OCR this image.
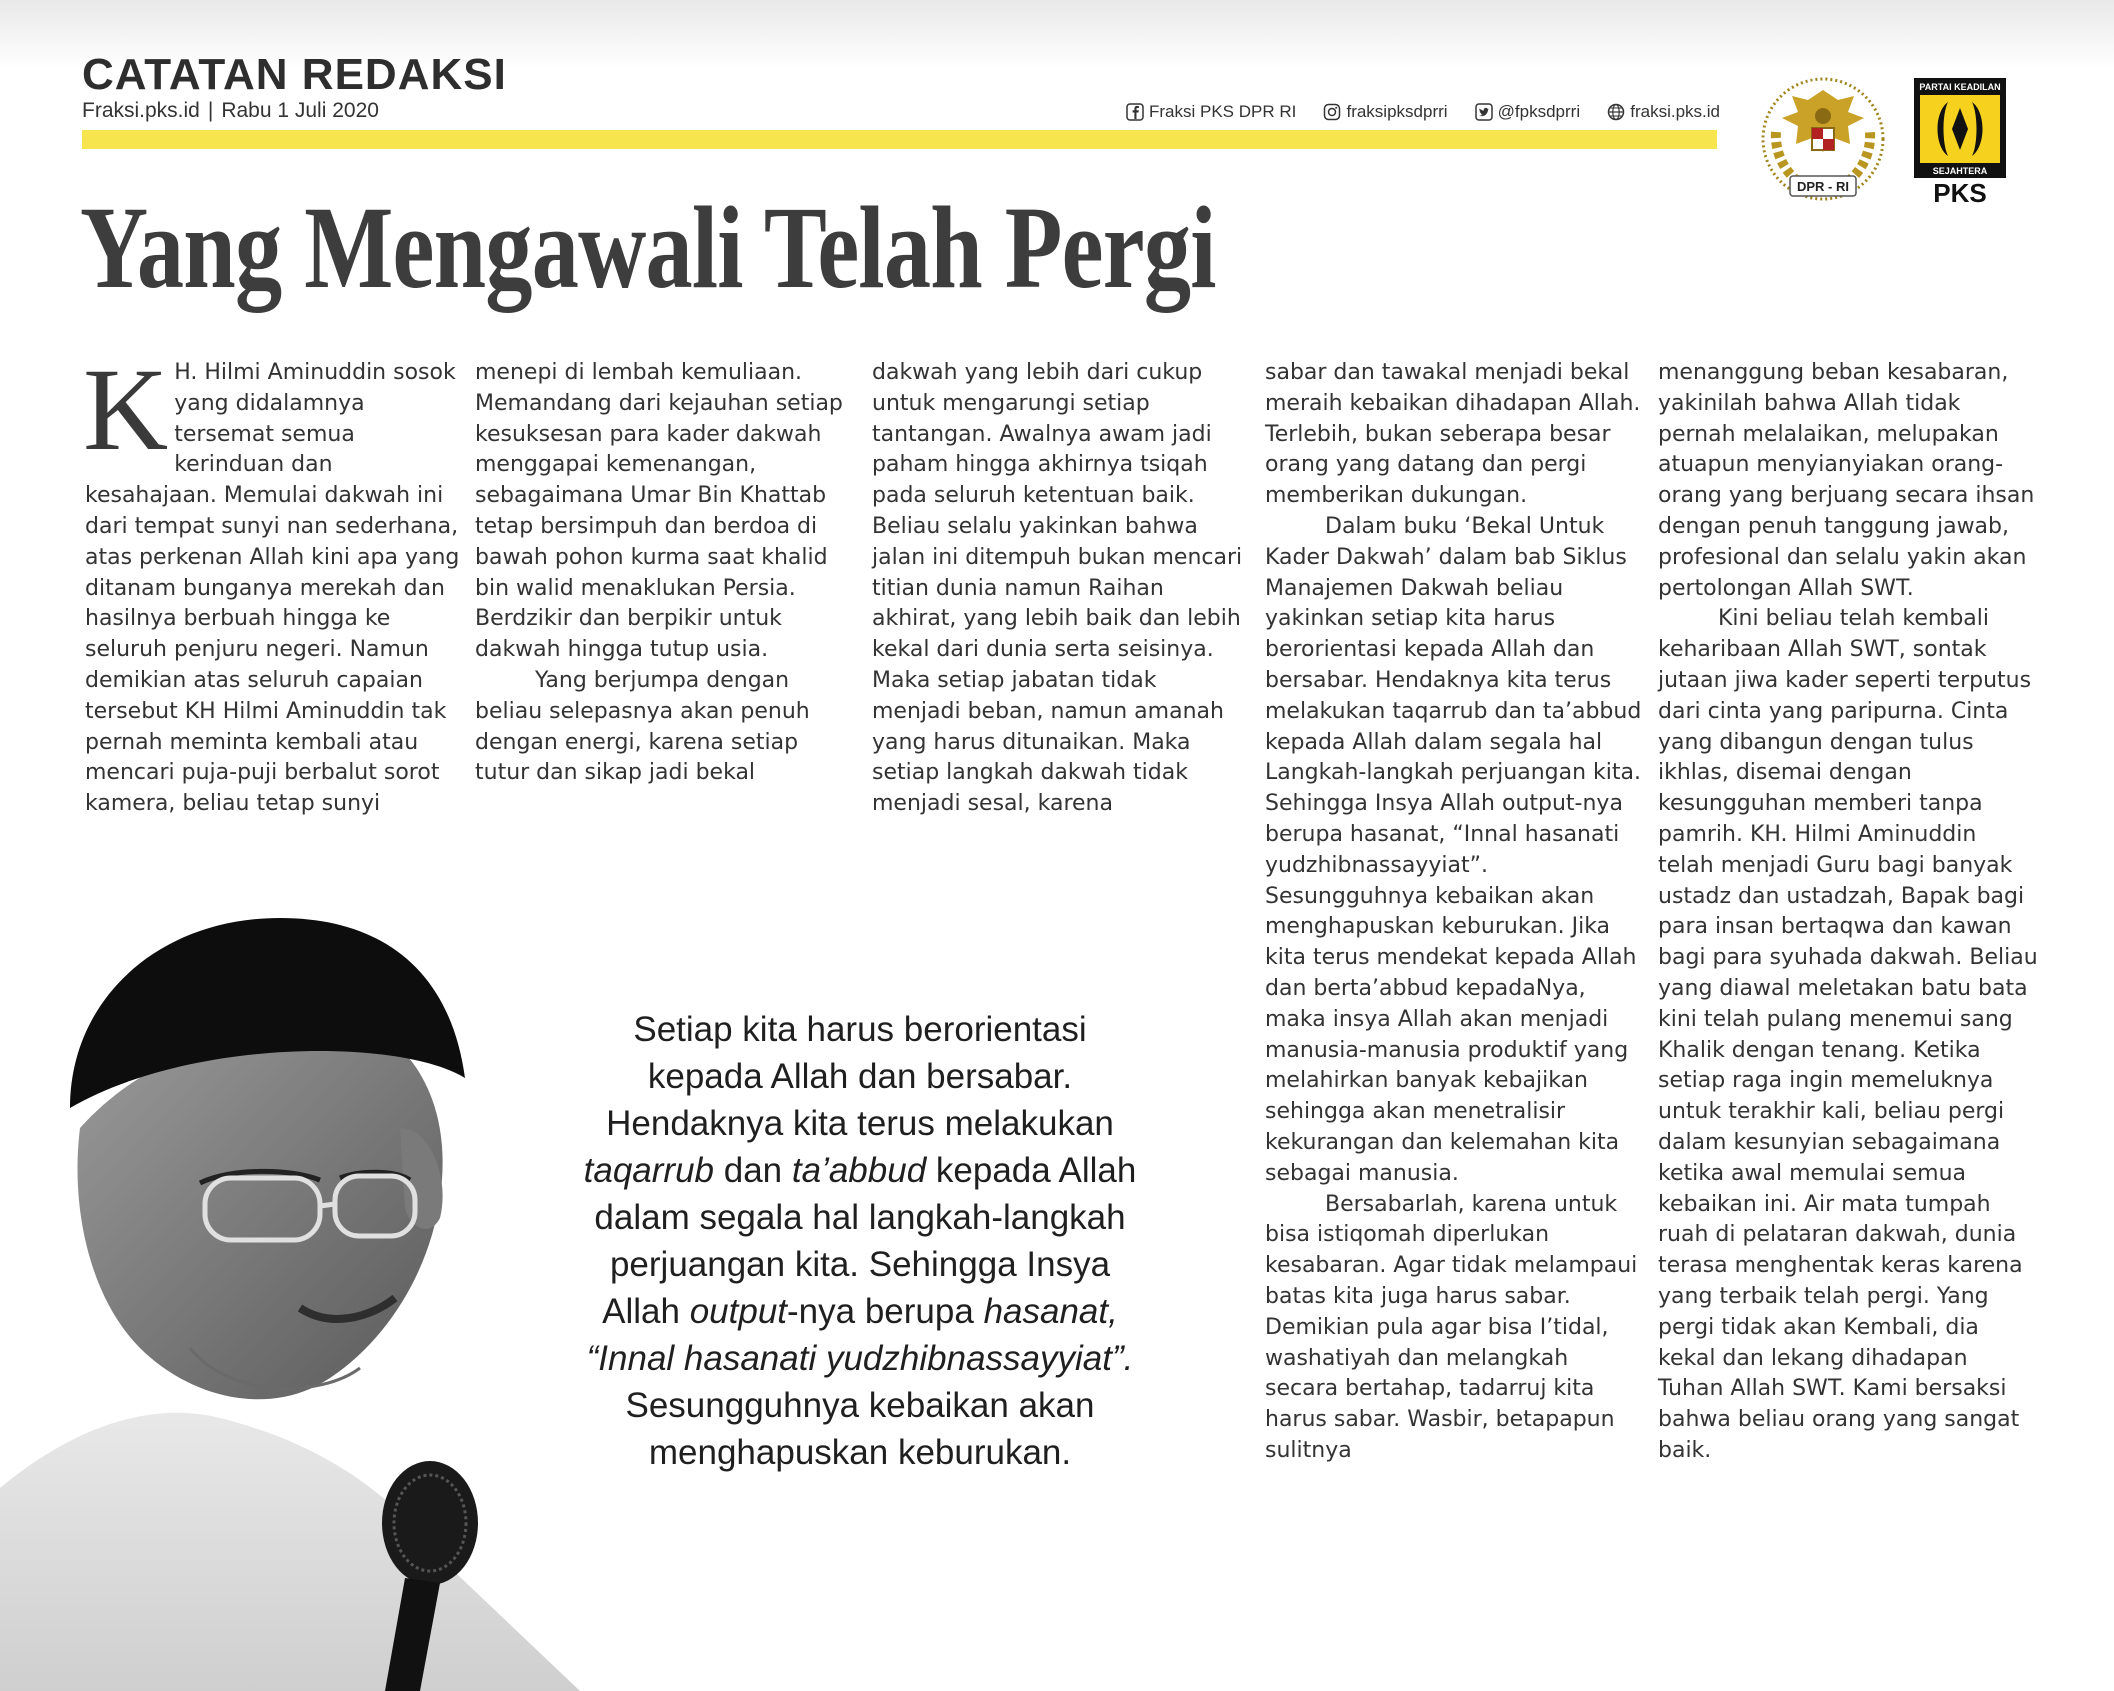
CATATAN REDAKSI
Fraksi.pks.id | Rabu 1 Juli 2020	Fraksi PKS DPR RI	fraksipksdprri	@fpksdprri	fraksi.pks.id
DPR - RI
PARTAI KEADILAN
SEJAHTERA
PKS
Yang Mengawali Telah Pergi
K H. Hilmi Aminuddin sosok yang didalamnya tersemat semua kerinduan dan kesahajaan. Memulai dakwah ini dari tempat sunyi nan sederhana, atas perkenan Allah kini apa yang ditanam bunganya merekah dan hasilnya berbuah hingga ke seluruh penjuru negeri. Namun demikian atas seluruh capaian tersebut KH Hilmi Aminuddin tak pernah meminta kembali atau mencari puja-puji berbalut sorot kamera, beliau tetap sunyi

menepi di lembah kemuliaan. Memandang dari kejauhan setiap kesuksesan para kader dakwah menggapai kemenangan, sebagaimana Umar Bin Khattab tetap bersimpuh dan berdoa di bawah pohon kurma saat khalid bin walid menaklukan Persia. Berdzikir dan berpikir untuk dakwah hingga tutup usia.

Yang berjumpa dengan beliau selepasnya akan penuh dengan energi, karena setiap tutur dan sikap jadi bekal

dakwah yang lebih dari cukup untuk mengarungi setiap tantangan. Awalnya awam jadi paham hingga akhirnya tsiqah pada seluruh ketentuan baik. Beliau selalu yakinkan bahwa jalan ini ditempuh bukan mencari titian dunia namun Raihan akhirat, yang lebih baik dan lebih kekal dari dunia serta seisinya. Maka setiap jabatan tidak menjadi beban, namun amanah yang harus ditunaikan. Maka setiap langkah dakwah tidak menjadi sesal, karena

sabar dan tawakal menjadi bekal meraih kebaikan dihadapan Allah. Terlebih, bukan seberapa besar orang yang datang dan pergi memberikan dukungan.

Dalam buku ‘Bekal Untuk Kader Dakwah’ dalam bab Siklus Manajemen Dakwah beliau yakinkan setiap kita harus berorientasi kepada Allah dan bersabar. Hendaknya kita terus melakukan taqarrub dan ta’abbud kepada Allah dalam segala hal Langkah-langkah perjuangan kita. Sehingga Insya Allah output-nya berupa hasanat, “Innal hasanati yudzhibnassayyiat”. Sesungguhnya kebaikan akan menghapuskan keburukan. Jika kita terus mendekat kepada Allah dan berta’abbud kepadaNya, maka insya Allah akan menjadi manusia-manusia produktif yang melahirkan banyak kebajikan sehingga akan menetralisir kekurangan dan kelemahan kita sebagai manusia.

Bersabarlah, karena untuk bisa istiqomah diperlukan kesabaran. Agar tidak melampaui batas kita juga harus sabar. Demikian pula agar bisa I’tidal, washatiyah dan melangkah secara bertahap, tadarruj kita harus sabar. Wasbir, betapapun sulitnya

menanggung beban kesabaran, yakinilah bahwa Allah tidak pernah melalaikan, melupakan atuapun menyianyiakan orang-orang yang berjuang secara ihsan dengan penuh tanggung jawab, profesional dan selalu yakin akan pertolongan Allah SWT.

Kini beliau telah kembali keharibaan Allah SWT, sontak jutaan jiwa kader seperti terputus dari cinta yang paripurna. Cinta yang dibangun dengan tulus ikhlas, disemai dengan kesungguhan memberi tanpa pamrih. KH. Hilmi Aminuddin telah menjadi Guru bagi banyak ustadz dan ustadzah, Bapak bagi para insan bertaqwa dan kawan bagi para syuhada dakwah. Beliau yang diawal meletakan batu bata kini telah pulang menemui sang Khalik dengan tenang. Ketika setiap raga ingin memeluknya untuk terakhir kali, beliau pergi dalam kesunyian sebagaimana ketika awal memulai semua kebaikan ini. Air mata tumpah ruah di pelataran dakwah, dunia terasa menghentak keras karena yang terbaik telah pergi. Yang pergi tidak akan Kembali, dia kekal dan lekang dihadapan Tuhan Allah SWT. Kami bersaksi bahwa beliau orang yang sangat baik.

Setiap kita harus berorientasi
kepada Allah dan bersabar.
Hendaknya kita terus melakukan
taqarrub dan ta’abbud kepada Allah
dalam segala hal langkah-langkah
perjuangan kita. Sehingga Insya
Allah output-nya berupa hasanat,
“Innal hasanati yudzhibnassayyiat”.
Sesungguhnya kebaikan akan
menghapuskan keburukan.
